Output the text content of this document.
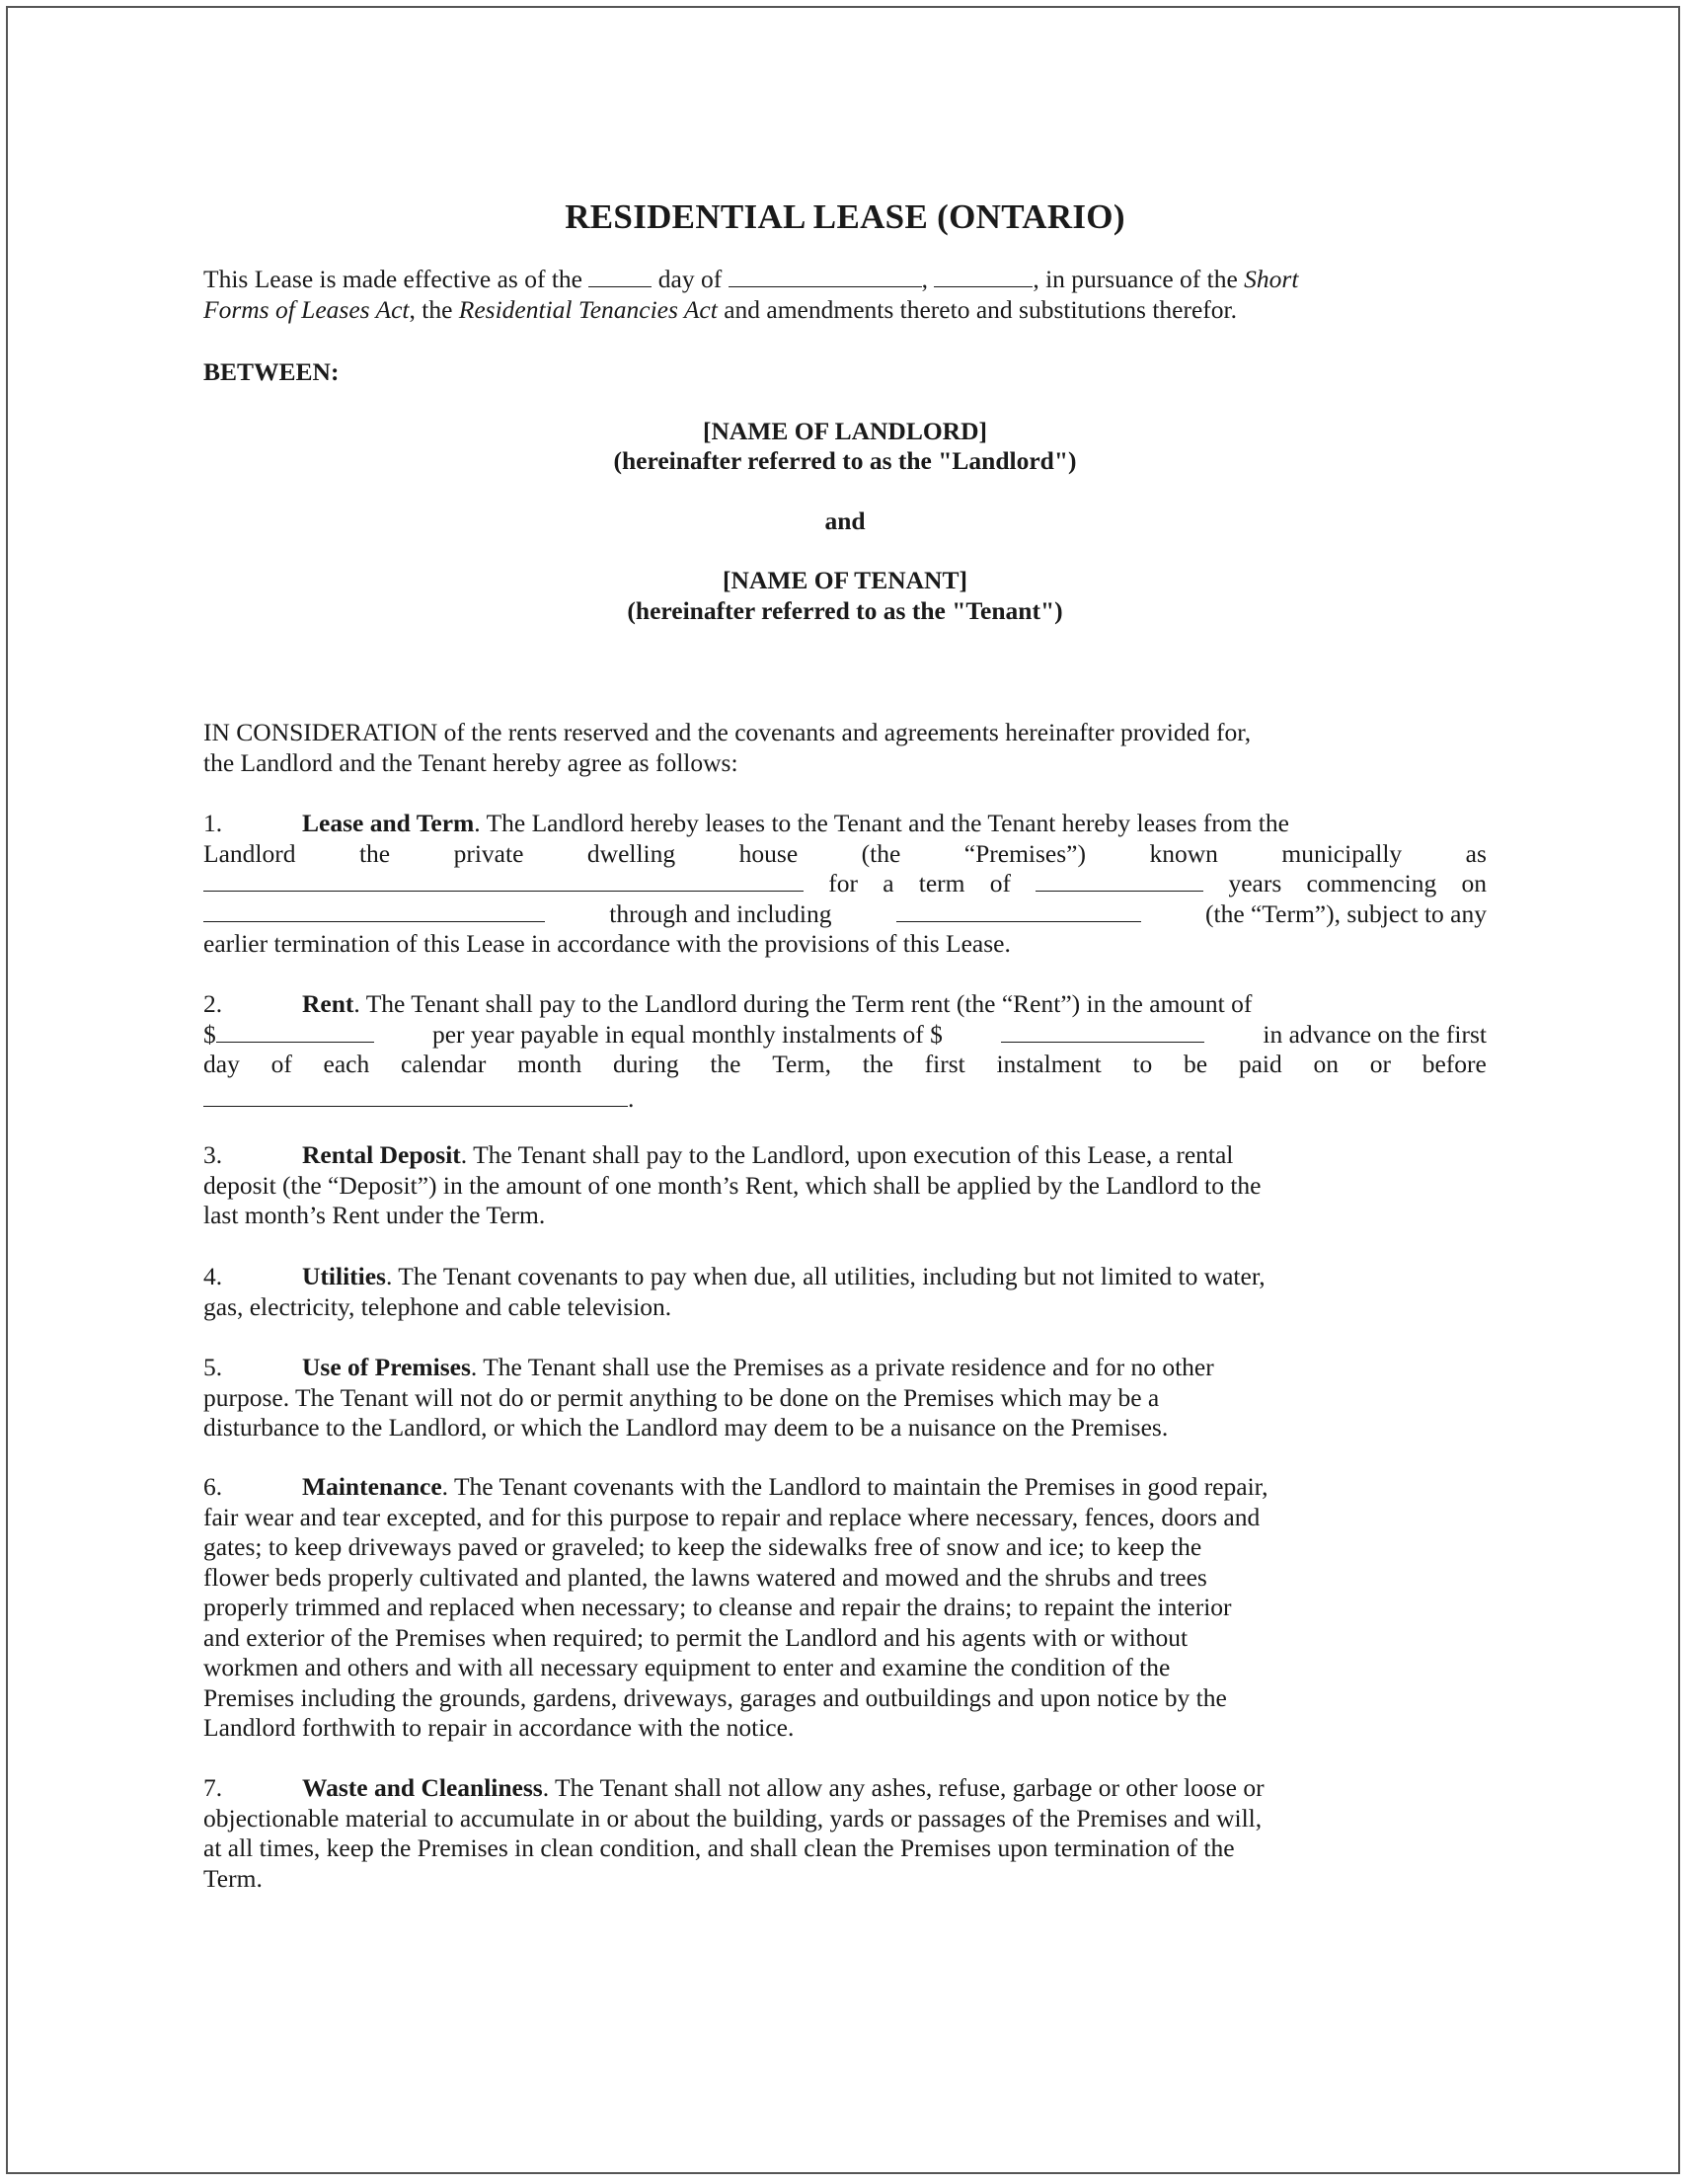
RESIDENTIAL LEASE (ONTARIO)
This Lease is made effective as of the	day of	,	, in pursuance of the Short
Forms of Leases Act, the Residential Tenancies Act and amendments thereto and substitutions therefor.
BETWEEN:
[NAME OF LANDLORD]
(hereinafter referred to as the "Landlord")
and
[NAME OF TENANT]
(hereinafter referred to as the "Tenant")
IN CONSIDERATION of the rents reserved and the covenants and agreements hereinafter provided for,
the Landlord and the Tenant hereby agree as follows:
1.	Lease and Term. The Landlord hereby leases to the Tenant and the Tenant hereby leases from the
Landlord	the	private	dwelling	house	(the	“Premises”)	known	municipally	as
for a term of	years commencing on
through and including	(the “Term”), subject to any
earlier termination of this Lease in accordance with the provisions of this Lease.
2.	Rent. The Tenant shall pay to the Landlord during the Term rent (the “Rent”) in the amount of
$	per year payable in equal monthly instalments of $	in advance on the first
day of each calendar month during the Term, the first instalment to be paid on or before
.
3.	Rental Deposit. The Tenant shall pay to the Landlord, upon execution of this Lease, a rental
deposit (the “Deposit”) in the amount of one month’s Rent, which shall be applied by the Landlord to the
last month’s Rent under the Term.
4.	Utilities. The Tenant covenants to pay when due, all utilities, including but not limited to water,
gas, electricity, telephone and cable television.
5.	Use of Premises. The Tenant shall use the Premises as a private residence and for no other
purpose. The Tenant will not do or permit anything to be done on the Premises which may be a
disturbance to the Landlord, or which the Landlord may deem to be a nuisance on the Premises.
6.	Maintenance. The Tenant covenants with the Landlord to maintain the Premises in good repair,
fair wear and tear excepted, and for this purpose to repair and replace where necessary, fences, doors and
gates; to keep driveways paved or graveled; to keep the sidewalks free of snow and ice; to keep the
flower beds properly cultivated and planted, the lawns watered and mowed and the shrubs and trees
properly trimmed and replaced when necessary; to cleanse and repair the drains; to repaint the interior
and exterior of the Premises when required; to permit the Landlord and his agents with or without
workmen and others and with all necessary equipment to enter and examine the condition of the
Premises including the grounds, gardens, driveways, garages and outbuildings and upon notice by the
Landlord forthwith to repair in accordance with the notice.
7.	Waste and Cleanliness. The Tenant shall not allow any ashes, refuse, garbage or other loose or
objectionable material to accumulate in or about the building, yards or passages of the Premises and will,
at all times, keep the Premises in clean condition, and shall clean the Premises upon termination of the
Term.
